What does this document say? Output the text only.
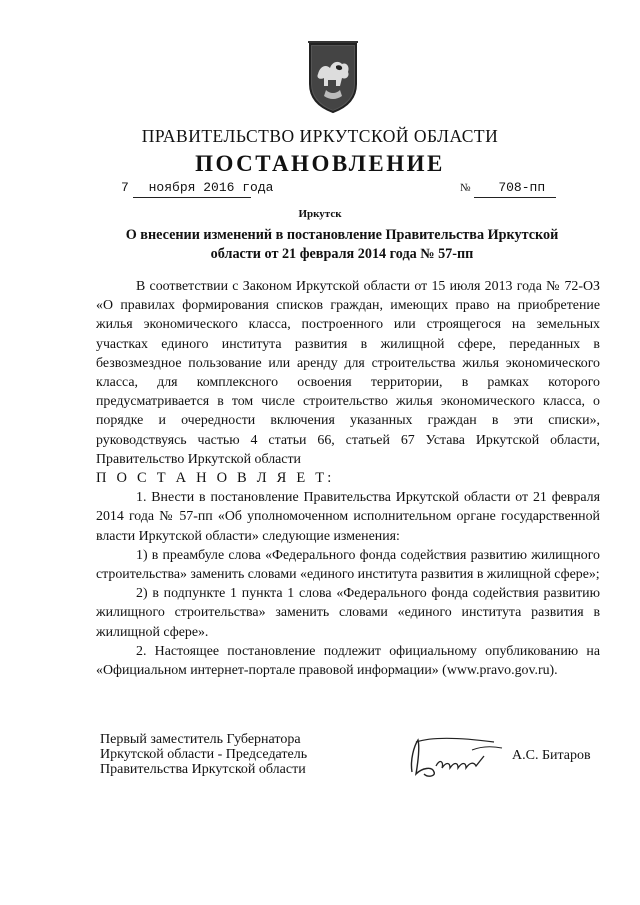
ПРАВИТЕЛЬСТВО ИРКУТСКОЙ ОБЛАСТИ
ПОСТАНОВЛЕНИЕ
7 ноября 2016 года	№ 708-пп
Иркутск
О внесении изменений в постановление Правительства Иркутской области от 21 февраля 2014 года № 57-пп

В соответствии с Законом Иркутской области от 15 июля 2013 года № 72-ОЗ «О правилах формирования списков граждан, имеющих право на приобретение жилья экономического класса, построенного или строящегося на земельных участках единого института развития в жилищной сфере, переданных в безвозмездное пользование или аренду для строительства жилья экономического класса, для комплексного освоения территории, в рамках которого предусматривается в том числе строительство жилья экономического класса, о порядке и очередности включения указанных граждан в эти списки», руководствуясь частью 4 статьи 66, статьей 67 Устава Иркутской области, Правительство Иркутской области

П О С Т А Н О В Л Я Е Т:

1. Внести в постановление Правительства Иркутской области от 21 февраля 2014 года № 57-пп «Об уполномоченном исполнительном органе государственной власти Иркутской области» следующие изменения:

1) в преамбуле слова «Федерального фонда содействия развитию жилищного строительства» заменить словами «единого института развития в жилищной сфере»;

2) в подпункте 1 пункта 1 слова «Федерального фонда содействия развитию жилищного строительства» заменить словами «единого института развития в жилищной сфере».

2. Настоящее постановление подлежит официальному опубликованию на «Официальном интернет-портале правовой информации» (www.pravo.gov.ru).

Первый заместитель Губернатора
Иркутской области - Председатель
Правительства Иркутской области
А.С. Битаров
